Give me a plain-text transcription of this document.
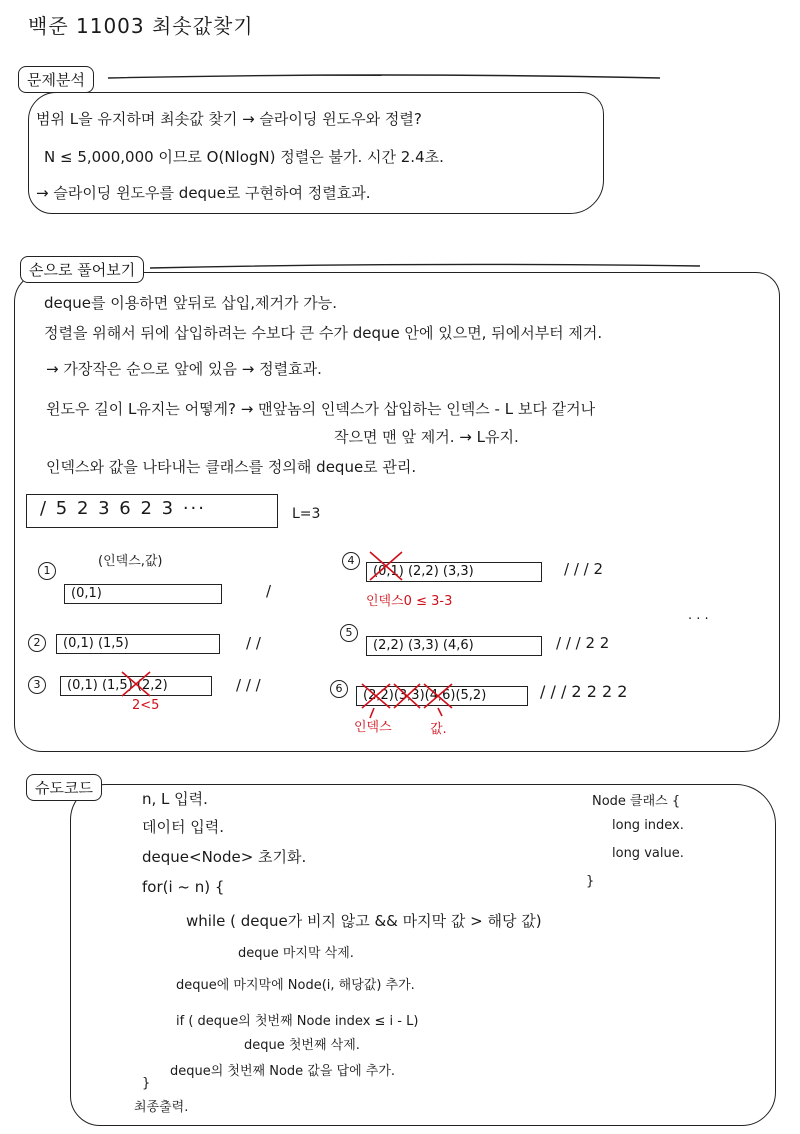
백준 11003 최솟값찾기
문제분석
범위 L을 유지하며 최솟값 찾기 → 슬라이딩 윈도우와 정렬?
N ≤ 5,000,000 이므로 O(NlogN) 정렬은 불가. 시간 2.4초.
→ 슬라이딩 윈도우를 deque로 구현하여 정렬효과.
손으로 풀어보기
deque를 이용하면 앞뒤로 삽입,제거가 가능.
정렬을 위해서 뒤에 삽입하려는 수보다 큰 수가 deque 안에 있으면, 뒤에서부터 제거.
→ 가장작은 순으로 앞에 있음 → 정렬효과.
윈도우 길이 L유지는 어떻게? → 맨앞놈의 인덱스가 삽입하는 인덱스 - L 보다 같거나
작으면 맨 앞 제거. → L유지.
인덱스와 값을 나타내는 클래스를 정의해 deque로 관리.
/ 5 2 3 6 2 3 ···	L=3
1
(인덱스,값)
(0,1)	/
2	(0,1) (1,5)	/ /
3	(0,1) (1,5) (2,2)	/ / /
2<5
4
(0,1) (2,2) (3,3)	/ / / 2
인덱스0 ≤ 3-3
5
(2,2) (3,3) (4,6)	/ / / 2 2
· · ·
6	(2,2)(3,3)(4,6)(5,2)	/ / / 2 2 2 2
인덱스	값.
슈도코드
n, L 입력.
데이터 입력.
deque<Node> 초기화.
for(i ~ n) {
while ( deque가 비지 않고 && 마지막 값 > 해당 값)
deque 마지막 삭제.
deque에 마지막에 Node(i, 해당값) 추가.
if ( deque의 첫번째 Node index ≤ i - L)
deque 첫번째 삭제.
deque의 첫번째 Node 값을 답에 추가.
}
최종출력.
Node 클래스 {
long index.
long value.
}
